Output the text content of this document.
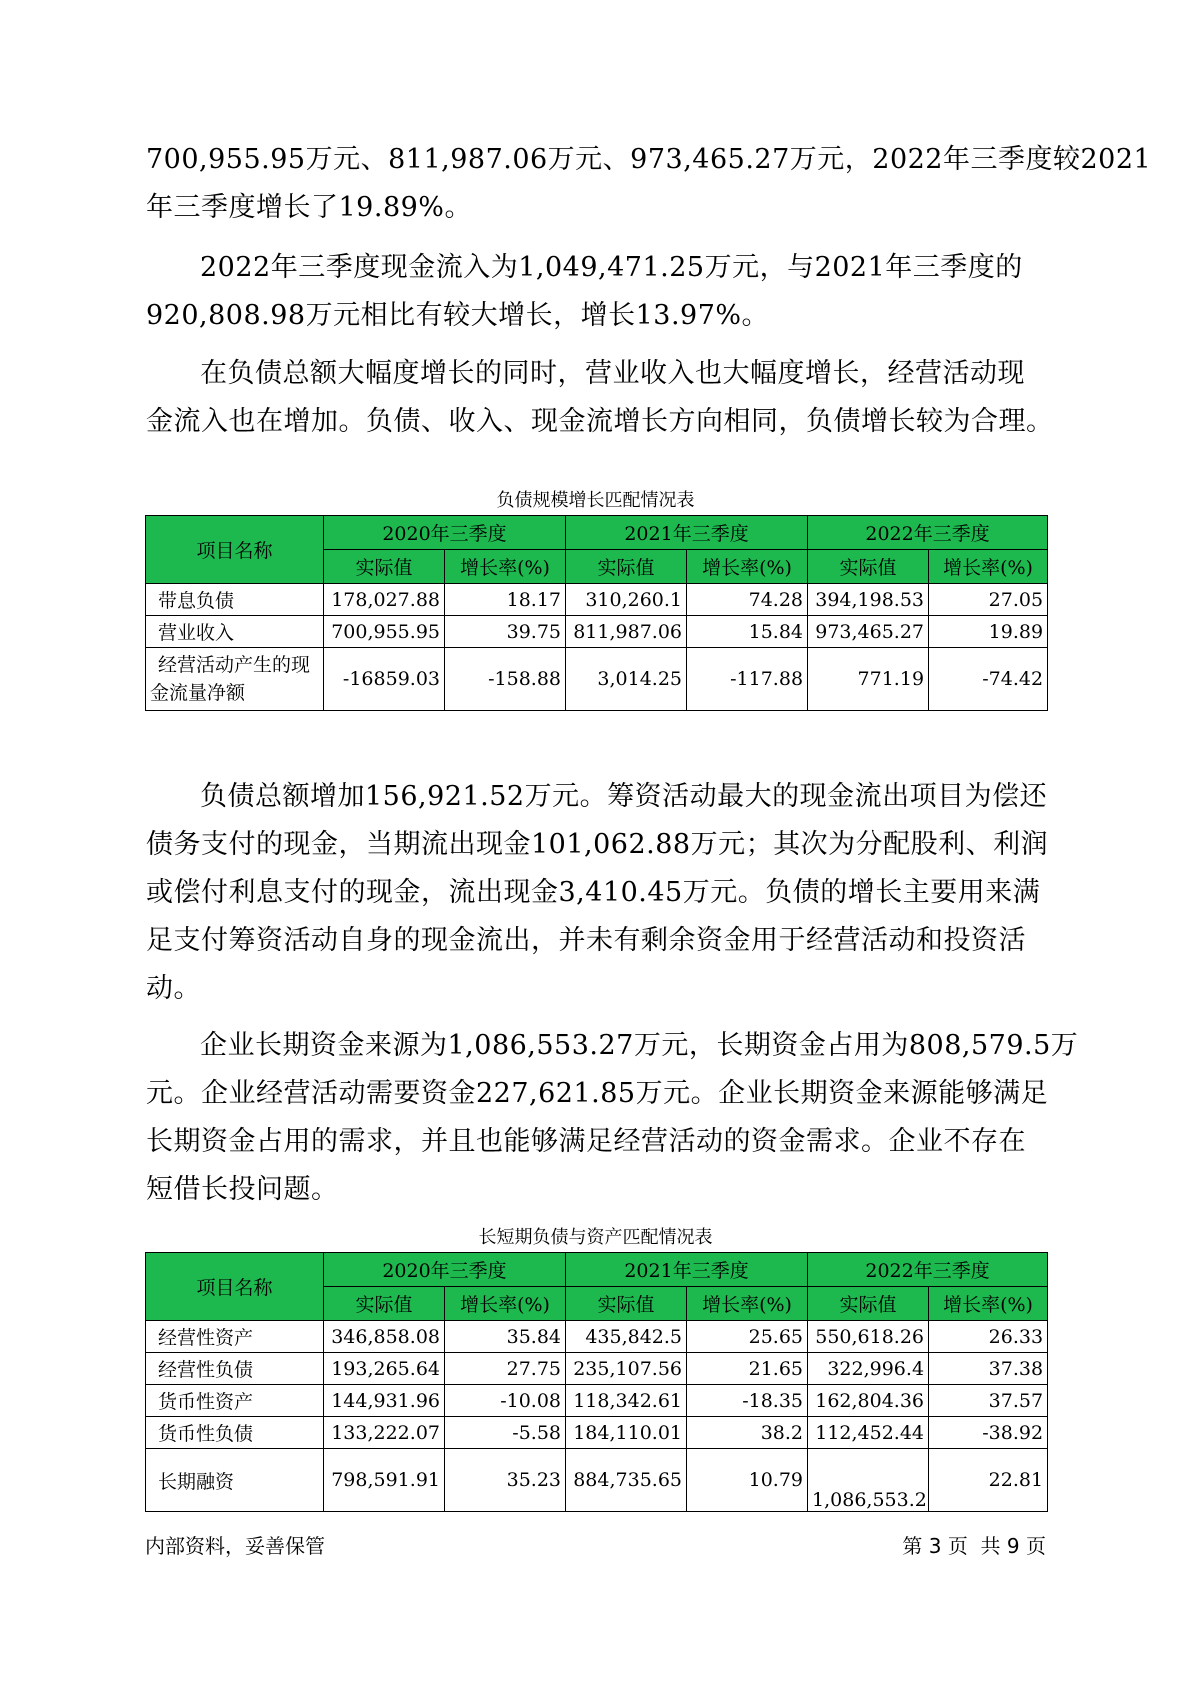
700,955.95万元、811,987.06万元、973,465.27万元，2022年三季度较2021
年三季度增长了19.89%。

2022年三季度现金流入为1,049,471.25万元，与2021年三季度的
920,808.98万元相比有较大增长，增长13.97%。

在负债总额大幅度增长的同时，营业收入也大幅度增长，经营活动现
金流入也在增加。负债、收入、现金流增长方向相同，负债增长较为合理。

负债规模增长匹配情况表
项目名称	2020年三季度		2021年三季度		2022年三季度	
	实际值	增长率(%)	实际值	增长率(%)	实际值	增长率(%)
带息负债	178,027.88	18.17	310,260.1	74.28	394,198.53	27.05
营业收入	700,955.95	39.75	811,987.06	15.84	973,465.27	19.89

经营活动产生的现
金流量净额	-16859.03	-158.88	3,014.25	-117.88	771.19	-74.42

负债总额增加156,921.52万元。筹资活动最大的现金流出项目为偿还
债务支付的现金，当期流出现金101,062.88万元；其次为分配股利、利润
或偿付利息支付的现金，流出现金3,410.45万元。负债的增长主要用来满
足支付筹资活动自身的现金流出，并未有剩余资金用于经营活动和投资活
动。

企业长期资金来源为1,086,553.27万元，长期资金占用为808,579.5万
元。企业经营活动需要资金227,621.85万元。企业长期资金来源能够满足
长期资金占用的需求，并且也能够满足经营活动的资金需求。企业不存在
短借长投问题。

长短期负债与资产匹配情况表
项目名称	2020年三季度		2021年三季度		2022年三季度	
	实际值	增长率(%)	实际值	增长率(%)	实际值	增长率(%)
经营性资产	346,858.08	35.84	435,842.5	25.65	550,618.26	26.33
经营性负债	193,265.64	27.75	235,107.56	21.65	322,996.4	37.38
货币性资产	144,931.96	-10.08	118,342.61	-18.35	162,804.36	37.57
货币性负债	133,222.07	-5.58	184,110.01	38.2	112,452.44	-38.92
长期融资	798,591.91	35.23	884,735.65	10.79	1,086,553.2	22.81
内部资料，妥善保管	第 3 页  共 9 页
